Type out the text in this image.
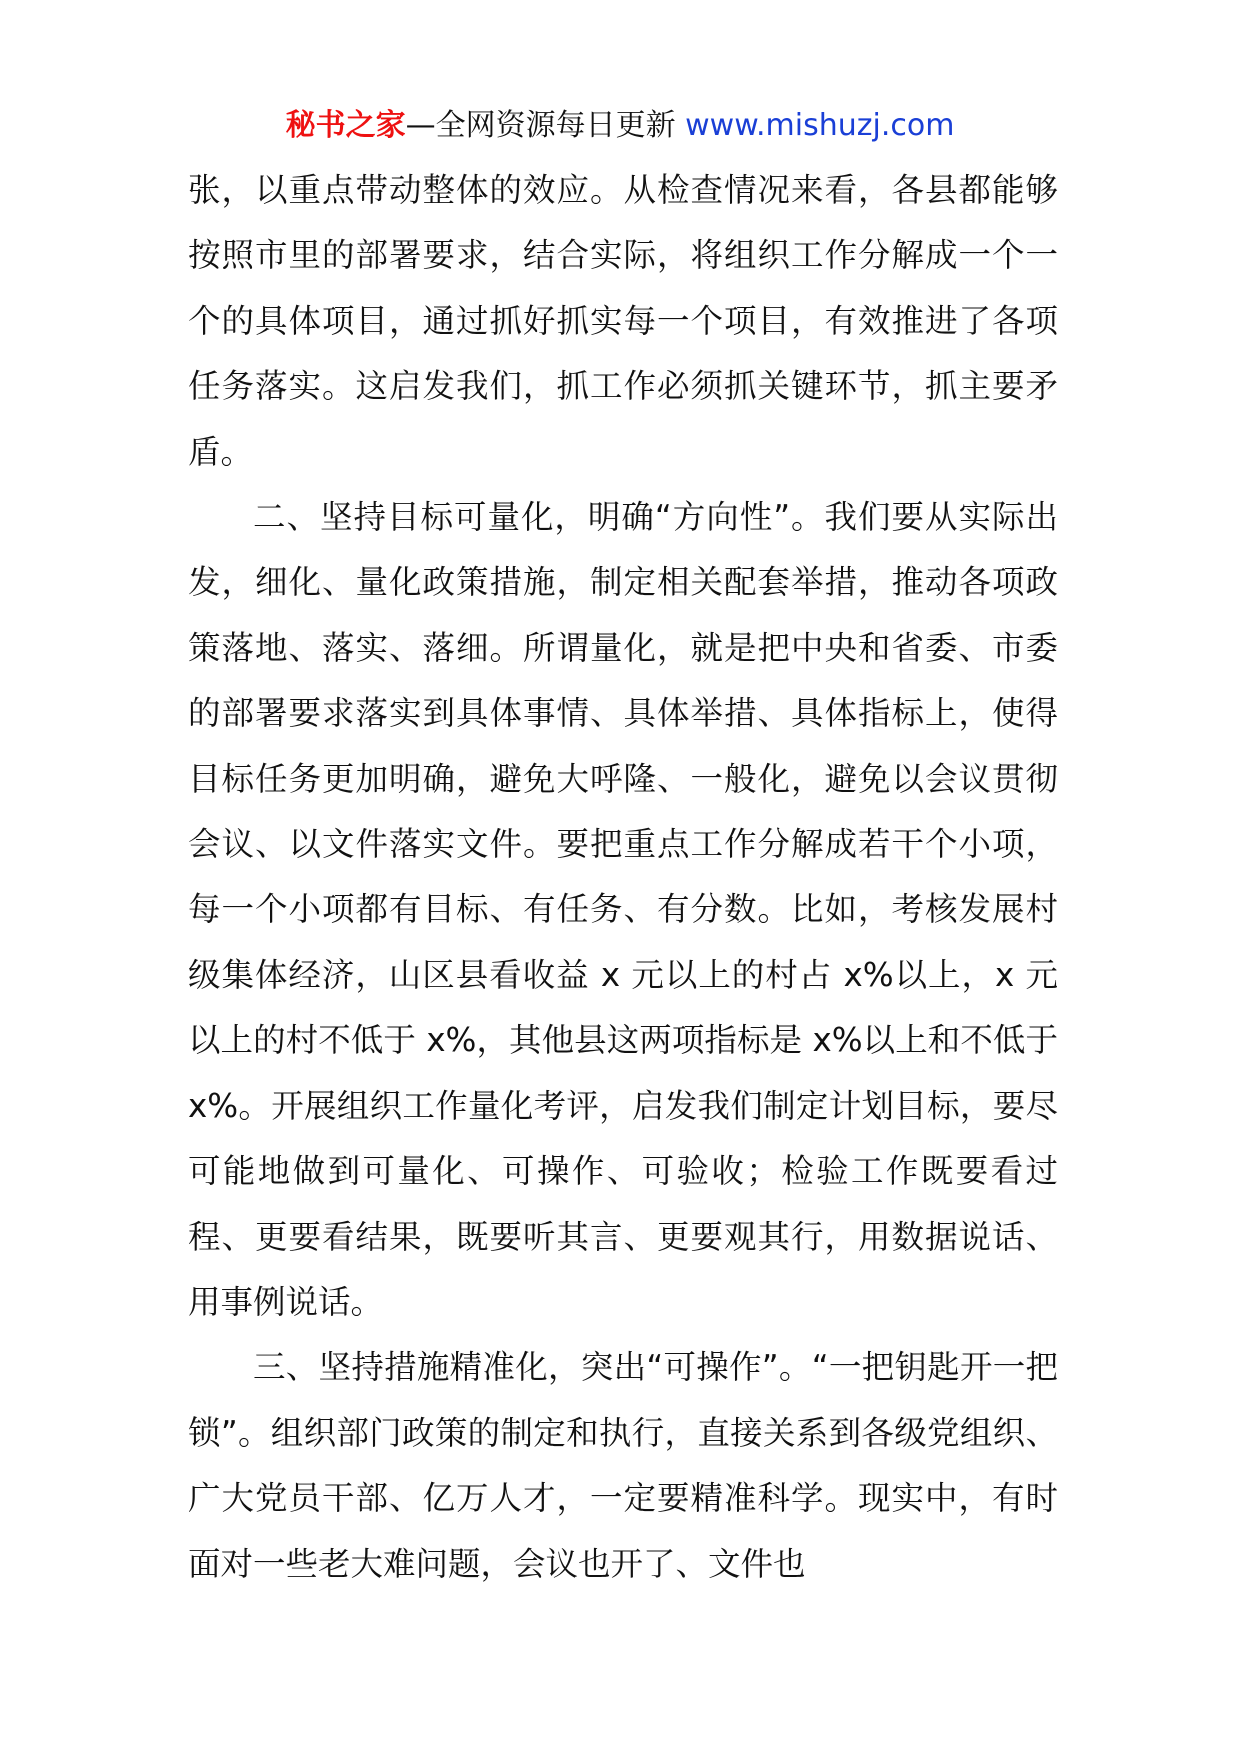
秘书之家—全网资源每日更新 www.mishuzj.com

张，以重点带动整体的效应。从检查情况来看，各县都能够按照市里的部署要求，结合实际，将组织工作分解成一个一个的具体项目，通过抓好抓实每一个项目，有效推进了各项任务落实。这启发我们，抓工作必须抓关键环节，抓主要矛盾。

二、坚持目标可量化，明确“方向性”。我们要从实际出发，细化、量化政策措施，制定相关配套举措，推动各项政策落地、落实、落细。所谓量化，就是把中央和省委、市委的部署要求落实到具体事情、具体举措、具体指标上，使得目标任务更加明确，避免大呼隆、一般化，避免以会议贯彻会议、以文件落实文件。要把重点工作分解成若干个小项，每一个小项都有目标、有任务、有分数。比如，考核发展村级集体经济，山区县看收益 x 元以上的村占 x%以上，x 元以上的村不低于 x%，其他县这两项指标是 x%以上和不低于 x%。开展组织工作量化考评，启发我们制定计划目标，要尽可能地做到可量化、可操作、可验收；检验工作既要看过程、更要看结果，既要听其言、更要观其行，用数据说话、用事例说话。

三、坚持措施精准化，突出“可操作”。“一把钥匙开一把锁”。组织部门政策的制定和执行，直接关系到各级党组织、广大党员干部、亿万人才，一定要精准科学。现实中，有时面对一些老大难问题，会议也开了、文件也
